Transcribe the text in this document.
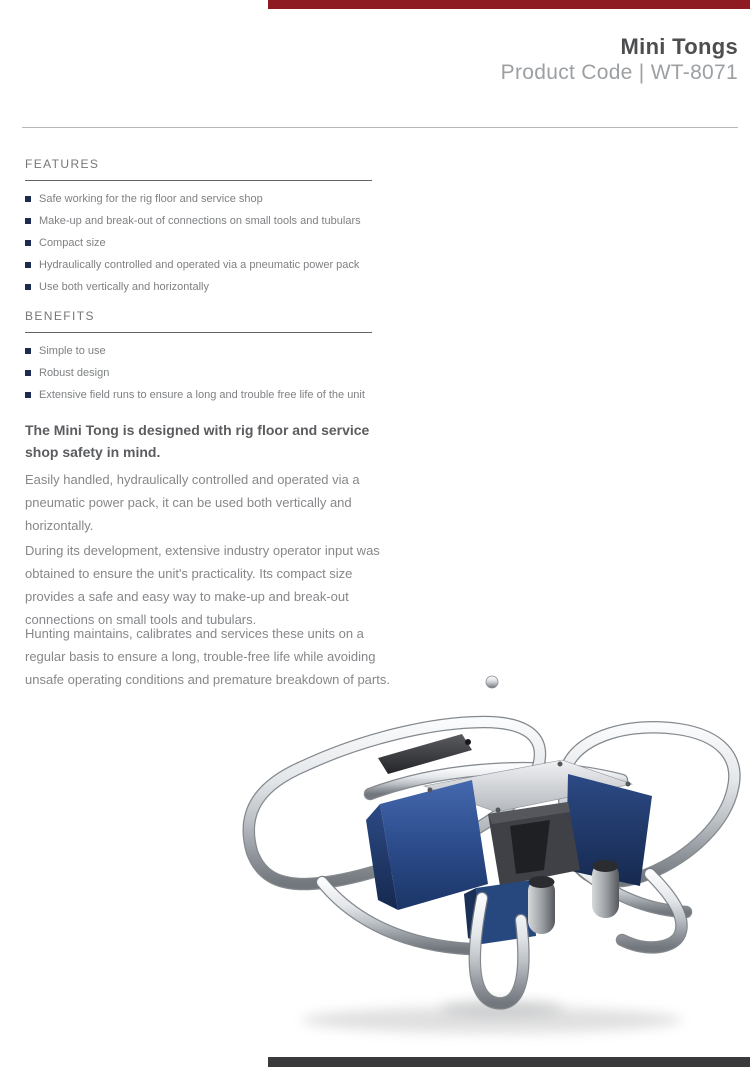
Mini Tongs
Product Code | WT-8071
FEATURES
Safe working for the rig floor and service shop
Make-up and break-out of connections on small tools and tubulars
Compact size
Hydraulically controlled and operated via a pneumatic power pack
Use both vertically and horizontally
BENEFITS
Simple to use
Robust design
Extensive field runs to ensure a long and trouble free life of the unit
The Mini Tong is designed with rig floor and service shop safety in mind.
Easily handled, hydraulically controlled and operated via a pneumatic power pack, it can be used both vertically and horizontally.
During its development, extensive industry operator input was obtained to ensure the unit's practicality. Its compact size provides a safe and easy way to make-up and break-out connections on small tools and tubulars.
Hunting maintains, calibrates and services these units on a regular basis to ensure a long, trouble-free life while avoiding unsafe operating conditions and premature breakdown of parts.
